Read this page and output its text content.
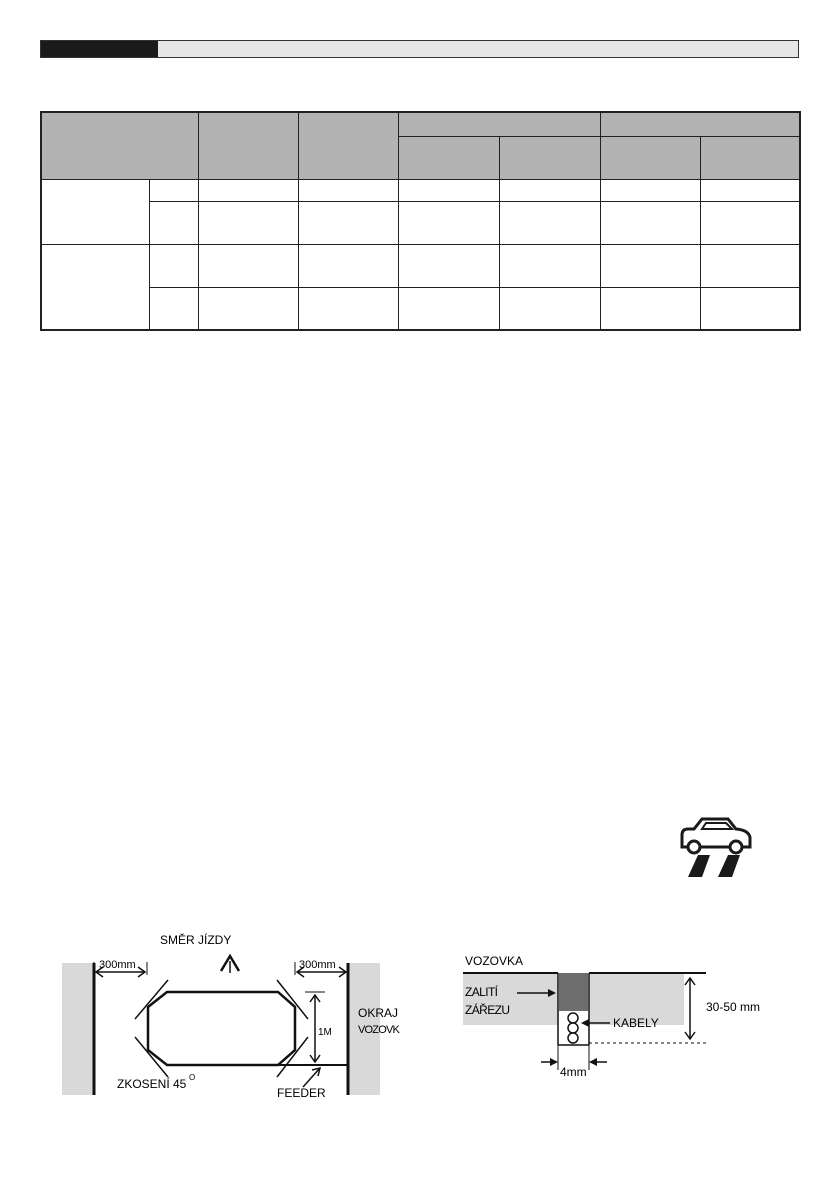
SMĚR JÍZDY
300mm	300mm
1M
FEEDER
OKRAJ
VOZOVK
ZKOSENÍ 45 O
VOZOVKA
ZALITÍ
ZÁŘEZU
KABELY
30-50 mm
4mm
